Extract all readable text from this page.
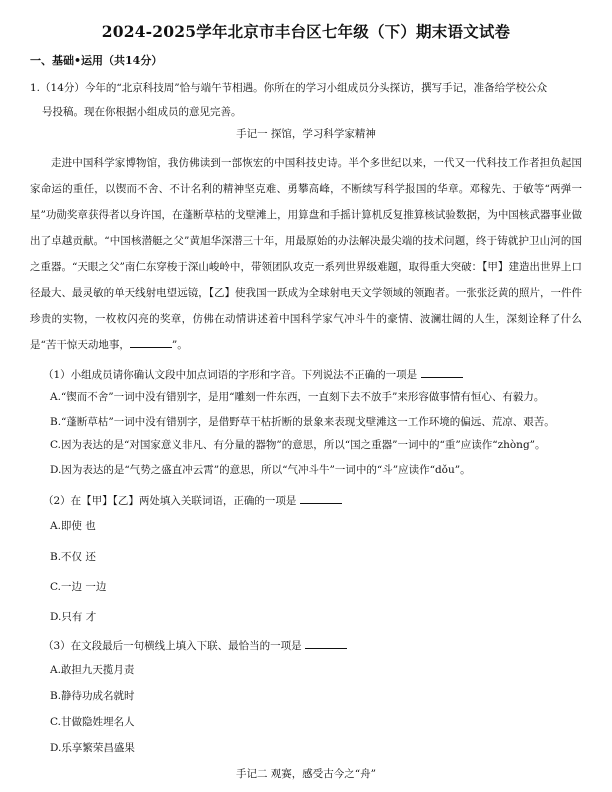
2024-2025学年北京市丰台区七年级（下）期末语文试卷
一、基础•运用（共14分）
1.（14分）今年的“北京科技周”恰与端午节相遇。你所在的学习小组成员分头探访，撰写手记，准备给学校公众
号投稿。现在你根据小组成员的意见完善。
手记一 探馆，学习科学家精神

走进中国科学家博物馆，我仿佛读到一部恢宏的中国科技史诗。半个多世纪以来，一代又一代科技工作者担负起国家命运的重任，以锲而不舍、不计名利的精神坚克难、勇攀高峰，不断续写科学报国的华章。邓稼先、于敏等“两弹一星”功勋奖章获得者以身许国，在蓬断草枯的戈壁滩上，用算盘和手摇计算机反复推算核试验数据，为中国核武器事业做出了卓越贡献。“中国核潜艇之父”黄旭华深潜三十年，用最原始的办法解决最尖端的技术问题，终于铸就护卫山河的国之重器。“天眼之父”南仁东穿梭于深山峻岭中，带领团队攻克一系列世界级难题，取得重大突破：【甲】建造出世界上口径最大、最灵敏的单天线射电望远镜，【乙】使我国一跃成为全球射电天文学领域的领跑者。一张张泛黄的照片，一件件珍贵的实物，一枚枚闪亮的奖章，仿佛在动情讲述着中国科学家气冲斗牛的豪情、波澜壮阔的人生，深刻诠释了什么是“苦干惊天动地事，	”。

（1）小组成员请你确认文段中加点词语的字形和字音。下列说法不正确的一项是
A.“锲而不舍”一词中没有错别字，是用“雕刻一件东西，一直刻下去不放手”来形容做事情有恒心、有毅力。
B.“蓬断草枯”一词中没有错别字，是借野草干枯折断的景象来表现戈壁滩这一工作环境的偏远、荒凉、艰苦。
C.因为表达的是“对国家意义非凡、有分量的器物”的意思，所以“国之重器”一词中的“重”应读作“zhòng”。
D.因为表达的是“气势之盛直冲云霄”的意思，所以“气冲斗牛”一词中的“斗”应读作“dǒu”。
（2）在【甲】【乙】两处填入关联词语，正确的一项是
A.即使 也
B.不仅 还
C.一边 一边
D.只有 才
（3）在文段最后一句横线上填入下联、最恰当的一项是
A.敢担九天揽月责
B.静待功成名就时
C.甘做隐姓埋名人
D.乐享繁荣昌盛果
手记二 观赛，感受古今之“舟”
